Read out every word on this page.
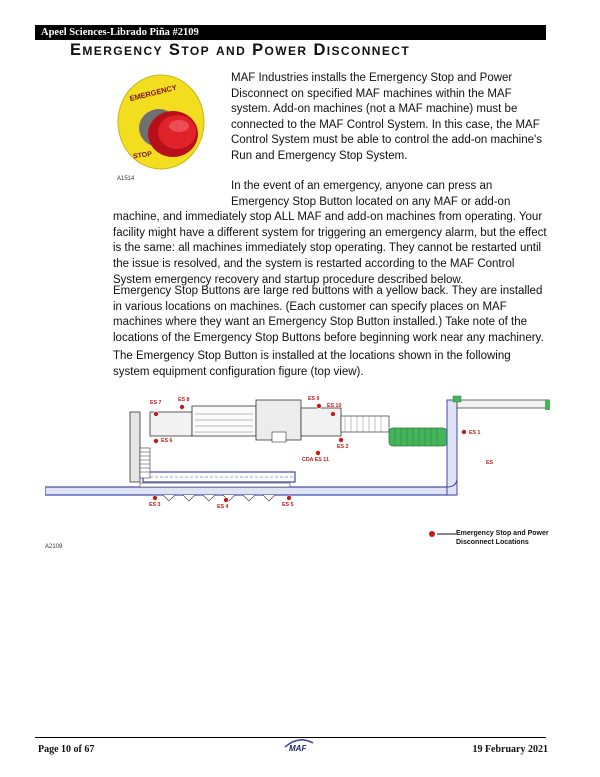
Apeel Sciences-Librado Piña #2109
Emergency Stop and Power Disconnect
EMERGENCY
STOP
A1514

MAF Industries installs the Emergency Stop and Power Disconnect on specified MAF machines within the MAF system. Add-on machines (not a MAF machine) must be connected to the MAF Control System. In this case, the MAF Control System must be able to control the add-on machine's Run and Emergency Stop System.

In the event of an emergency, anyone can press an Emergency Stop Button located on any MAF or add-on machine, and immediately stop ALL MAF and add-on machines from operating. Your facility might have a different system for triggering an emergency alarm, but the effect is the same: all machines immediately stop operating. They cannot be restarted until the issue is resolved, and the system is restarted according to the MAF Control System emergency recovery and startup procedure described below.

Emergency Stop Buttons are large red buttons with a yellow back. They are installed in various locations on machines. (Each customer can specify places on MAF machines where they want an Emergency Stop Button installed.) Take note of the locations of the Emergency Stop Buttons before beginning work near any machinery.

The Emergency Stop Button is installed at the locations shown in the following system equipment configuration figure (top view).

ES 7	ES 8
ES 6
ES 9
ES 10
ES 2
CDA ES 11
ES 1
ES
ES 3	ES 4	ES 5
Emergency Stop and Power
Disconnect Locations
A2109
Page 10 of 67	MAF	19 February 2021
